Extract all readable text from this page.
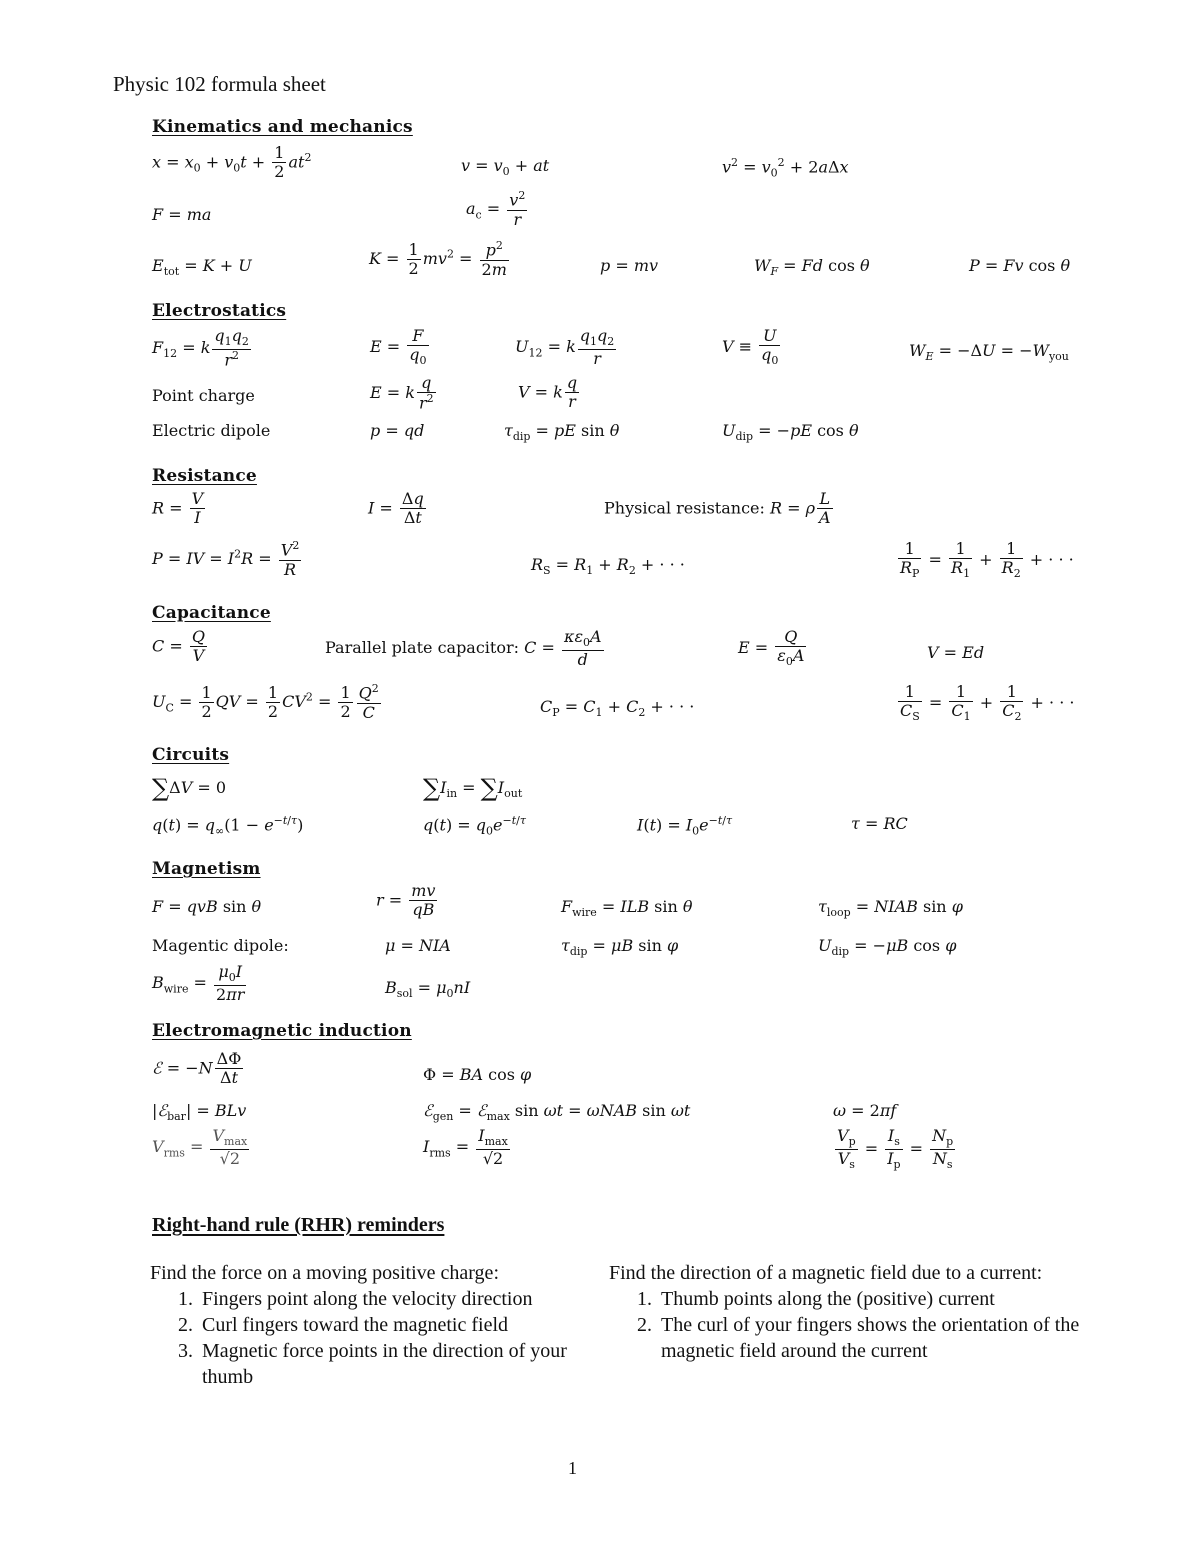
Physic 102 formula sheet
Kinematics and mechanics
$x = x_0 + v_0t + \frac{1}{2} at^2$	$v = v_0$ + at	$v^2 = v_0^2 + 2a\Delta x$
F = ma	$a_c = \frac{v^2}{r}$
$E_{tot} = K + U$	$K = \frac{1}{2} mv^2 = \frac{p^2}{2m}$	p = mv	$W_F = Fd$ cos θ	P = Fv cos θ
Electrostatics
$F_{12} = k \frac{q_1q_2}{r^2}$	$E = \frac{F}{q_0}$	$U_{12} = k \frac{q_1q_2}{r}$	$V \equiv \frac{U}{q_0}$	$W_E = -\Delta U = -W_{you}$
Point charge	E = k $\frac{q}{r^2}$	V = k $\frac{q}{r}$
Electric dipole	p = qd	$\tau_{dip}$ = pE sin θ	$U_{dip} = -pE$ cos θ
Resistance
$R = \frac{V}{I}$	$I = \frac{\Delta q}{\Delta t}$	Physical resistance: R = ρ $\frac{L}{A}$
P = IV = $I^2R = \frac{V^2}{R}$	$R_S = R_1 + R_2$ + · · ·	$\frac{1}{R_P} = \frac{1}{R_1} + \frac{1}{R_2}$ + · · ·
Capacitance
$C = \frac{Q}{V}$	Parallel plate capacitor: $C = \frac{\kappa\varepsilon_0A}{d}$	$E = \frac{Q}{\varepsilon_0A}$	V = Ed
$U_C = \frac{1}{2}$ QV = $\frac{1}{2} CV^2 = \frac{1}{2} \frac{Q^2}{C}$	$C_P = C_1 + C_2$ + · · ·	$\frac{1}{C_S} = \frac{1}{C_1} + \frac{1}{C_2}$ + · · ·
Circuits
∑ΔV = 0	$\sum I_{in} = \sum I_{out}$
$q(t) = q_\infty(1 - e^{-t/\tau})$	$q(t) = q_0e^{-t/\tau}$	$I(t) = I_0e^{-t/\tau}$	τ = RC
Magnetism
F = qvB sin θ	$r = \frac{mv}{qB}$	$F_{wire}$ = ILB sin θ	$\tau_{loop}$ = NIAB sin φ
Magentic dipole:	μ = NIA	$\tau_{dip} = \mu B$ sin φ	$U_{dip} = -\mu B$ cos φ
$B_{wire} = \frac{\mu_0I}{2\pi r}$	$B_{sol} = \mu_0nI$
Electromagnetic induction
ℰ = $-N \frac{\Delta\Phi}{\Delta t}$	Φ = BA cos φ
|ℰ$_{bar}$| = BLv	ℰ$_{gen}$ = ℰ$_{max}$ sin ωt = ωNAB sin ωt	ω = 2πf
$V_{rms} = \frac{V_{max}}{√2}$	$I_{rms} = \frac{I_{max}}{√2}$	$\frac{V_p}{V_s} = \frac{I_s}{I_p} = \frac{N_p}{N_s}$
Right-hand rule (RHR) reminders
Find the force on a moving positive charge:
1. Fingers point along the velocity direction
2. Curl fingers toward the magnetic field
3. Magnetic force points in the direction of your thumb
Find the direction of a magnetic field due to a current:
1. Thumb points along the (positive) current
2. The curl of your fingers shows the orientation of the magnetic field around the current
1
